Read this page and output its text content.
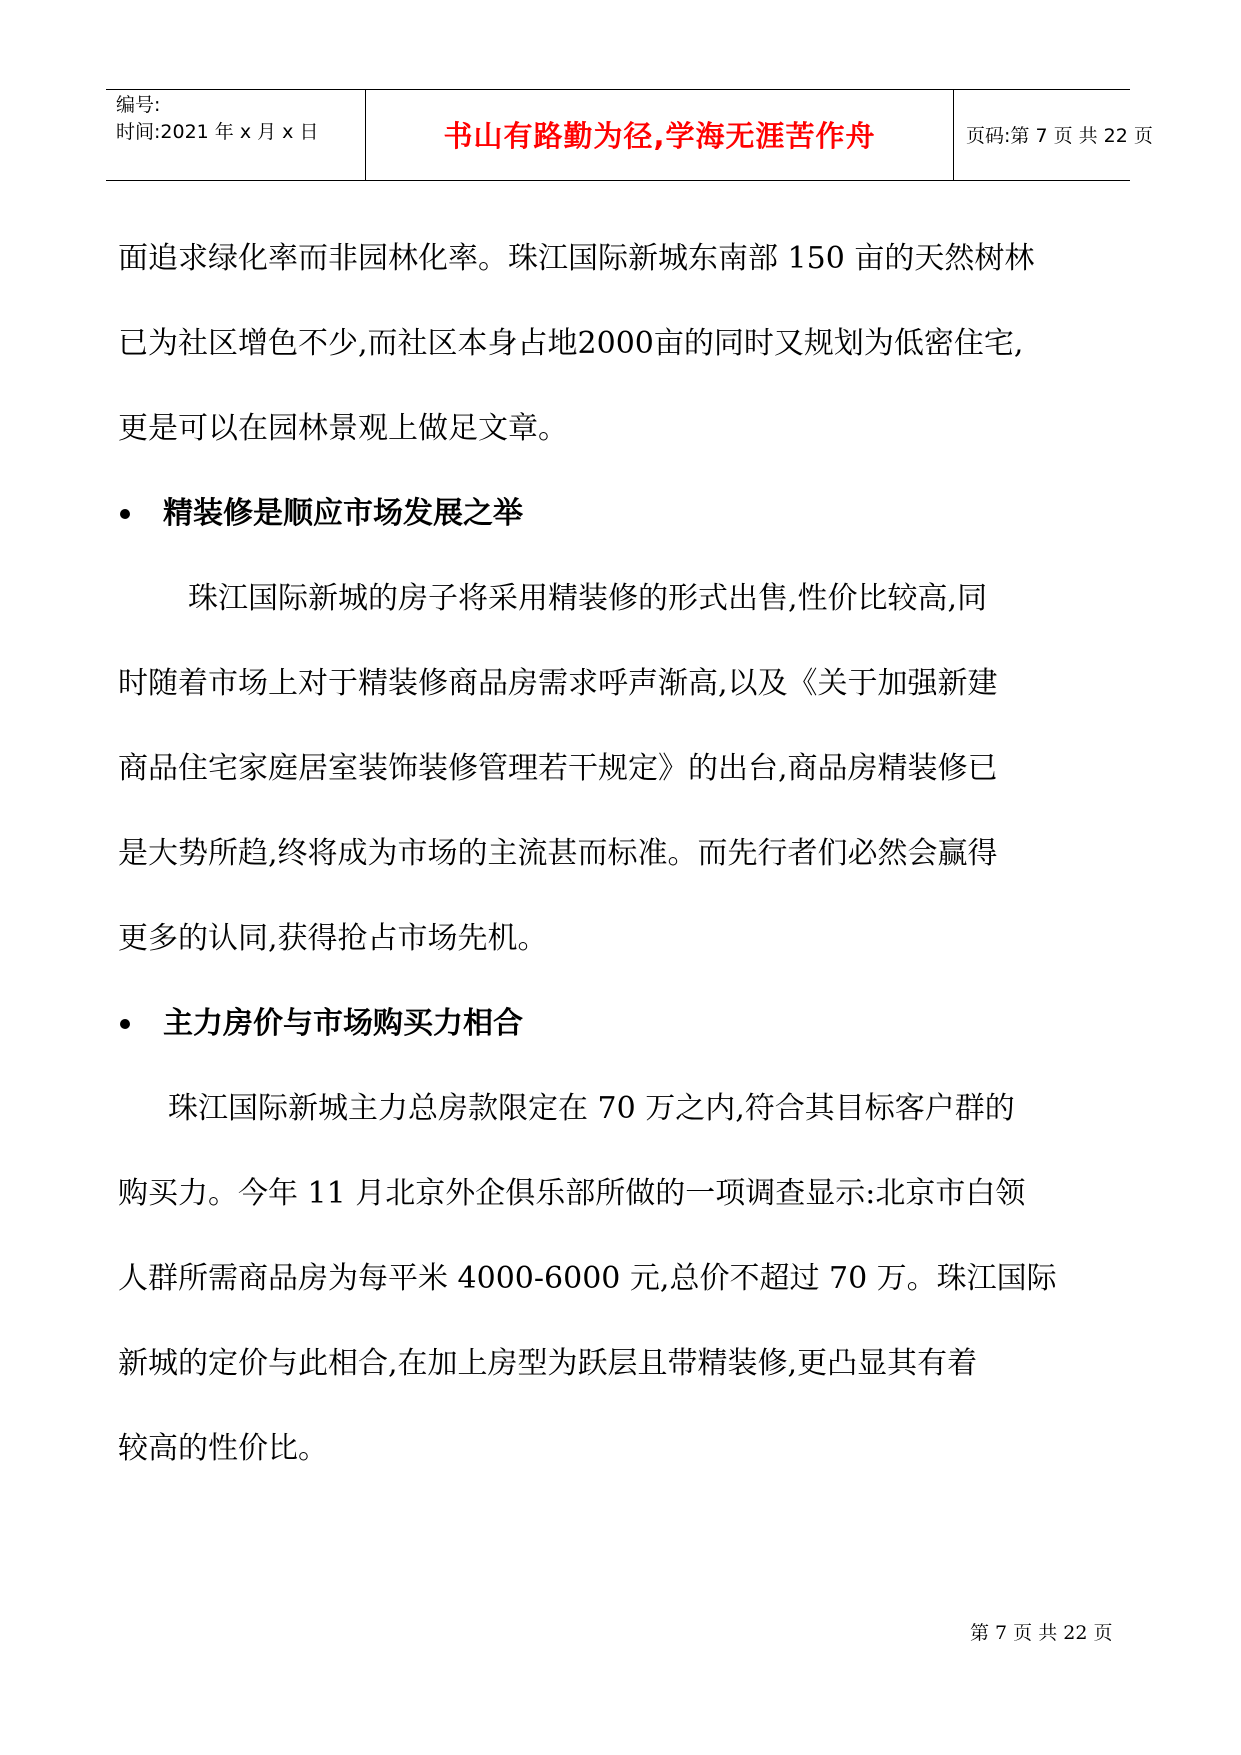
编号:
时间:2021 年 x 月 x 日	书山有路勤为径,学海无涯苦作舟	页码:第 7 页 共 22 页

面追求绿化率而非园林化率。珠江国际新城东南部 150 亩的天然树林

已为社区增色不少,而社区本身占地2000亩的同时又规划为低密住宅,

更是可以在园林景观上做足文章。

精装修是顺应市场发展之举

珠江国际新城的房子将采用精装修的形式出售,性价比较高,同

时随着市场上对于精装修商品房需求呼声渐高,以及《关于加强新建

商品住宅家庭居室装饰装修管理若干规定》的出台,商品房精装修已

是大势所趋,终将成为市场的主流甚而标准。而先行者们必然会赢得

更多的认同,获得抢占市场先机。

主力房价与市场购买力相合

珠江国际新城主力总房款限定在 70 万之内,符合其目标客户群的

购买力。今年 11 月北京外企俱乐部所做的一项调查显示:北京市白领

人群所需商品房为每平米 4000-6000 元,总价不超过 70 万。珠江国际

新城的定价与此相合,在加上房型为跃层且带精装修,更凸显其有着

较高的性价比。

第 7 页 共 22 页
